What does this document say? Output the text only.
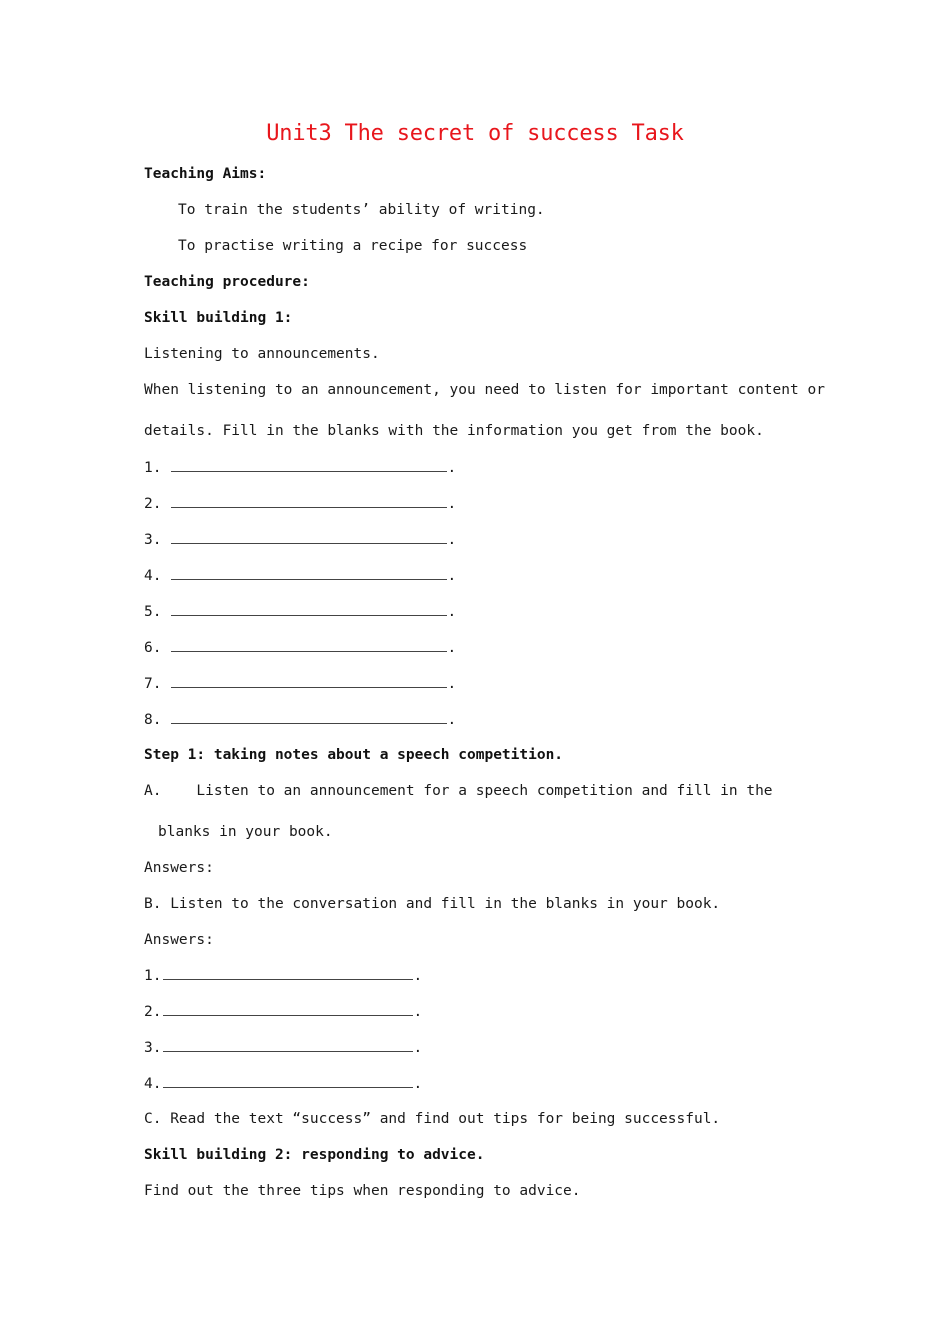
Unit3 The secret of success Task
Teaching Aims:
To train the students’ ability of writing.
To practise writing a recipe for success
Teaching procedure:
Skill building 1:
Listening to announcements.
When listening to an announcement, you need to listen for important content or
details. Fill in the blanks with the information you get from the book.
1.	.
2.	.
3.	.
4.	.
5.	.
6.	.
7.	.
8.	.
Step 1: taking notes about a speech competition.
A.    Listen to an announcement for a speech competition and fill in the
blanks in your book.
Answers:
B. Listen to the conversation and fill in the blanks in your book.
Answers:
1.	.
2.	.
3.	.
4.	.
C. Read the text “success” and find out tips for being successful.
Skill building 2: responding to advice.
Find out the three tips when responding to advice.
